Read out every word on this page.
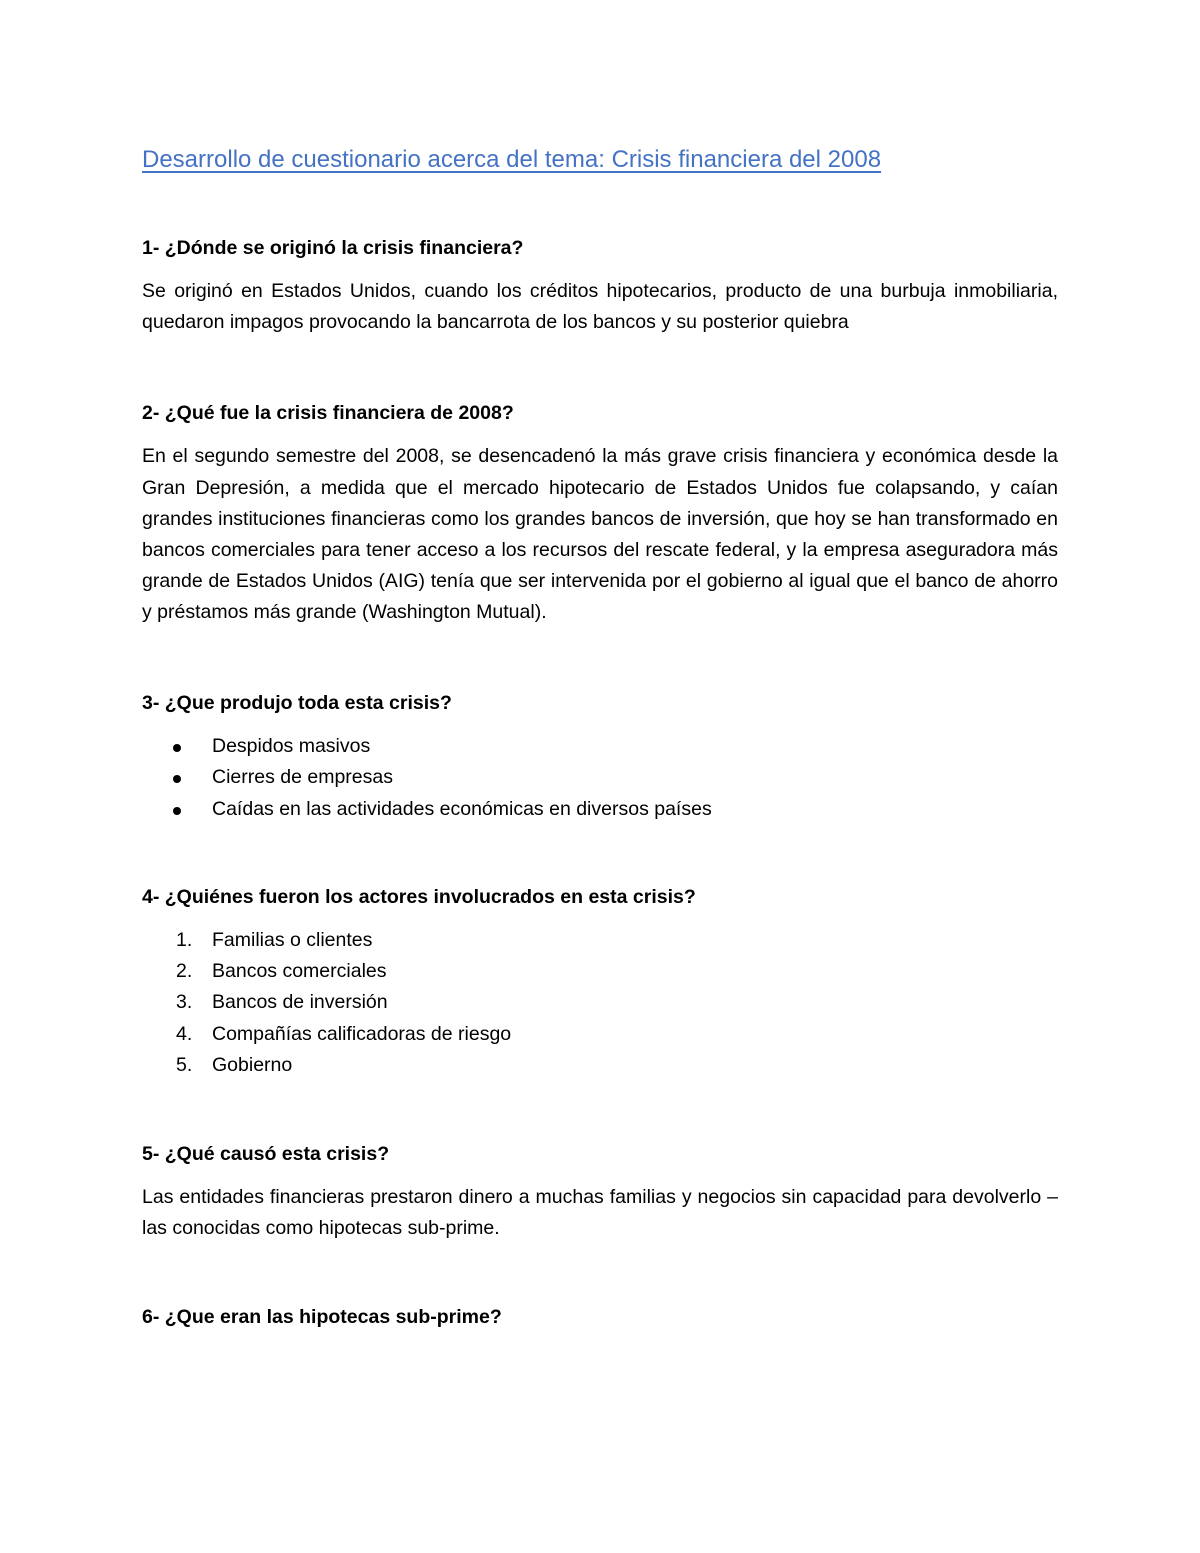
Desarrollo de cuestionario acerca del tema: Crisis financiera del 2008

1- ¿Dónde se originó la crisis financiera?

Se originó en Estados Unidos, cuando los créditos hipotecarios, producto de una burbuja inmobiliaria, quedaron impagos provocando la bancarrota de los bancos y su posterior quiebra

2- ¿Qué fue la crisis financiera de 2008?

En el segundo semestre del 2008, se desencadenó la más grave crisis financiera y económica desde la Gran Depresión, a medida que el mercado hipotecario de Estados Unidos fue colapsando, y caían grandes instituciones financieras como los grandes bancos de inversión, que hoy se han transformado en bancos comerciales para tener acceso a los recursos del rescate federal, y la empresa aseguradora más grande de Estados Unidos (AIG) tenía que ser intervenida por el gobierno al igual que el banco de ahorro y préstamos más grande (Washington Mutual).

3- ¿Que produjo toda esta crisis?

Despidos masivos
Cierres de empresas
Caídas en las actividades económicas en diversos países

4- ¿Quiénes fueron los actores involucrados en esta crisis?

1. Familias o clientes
2. Bancos comerciales
3. Bancos de inversión
4. Compañías calificadoras de riesgo
5. Gobierno

5- ¿Qué causó esta crisis?

Las entidades financieras prestaron dinero a muchas familias y negocios sin capacidad para devolverlo – las conocidas como hipotecas sub-prime.

6- ¿Que eran las hipotecas sub-prime?
